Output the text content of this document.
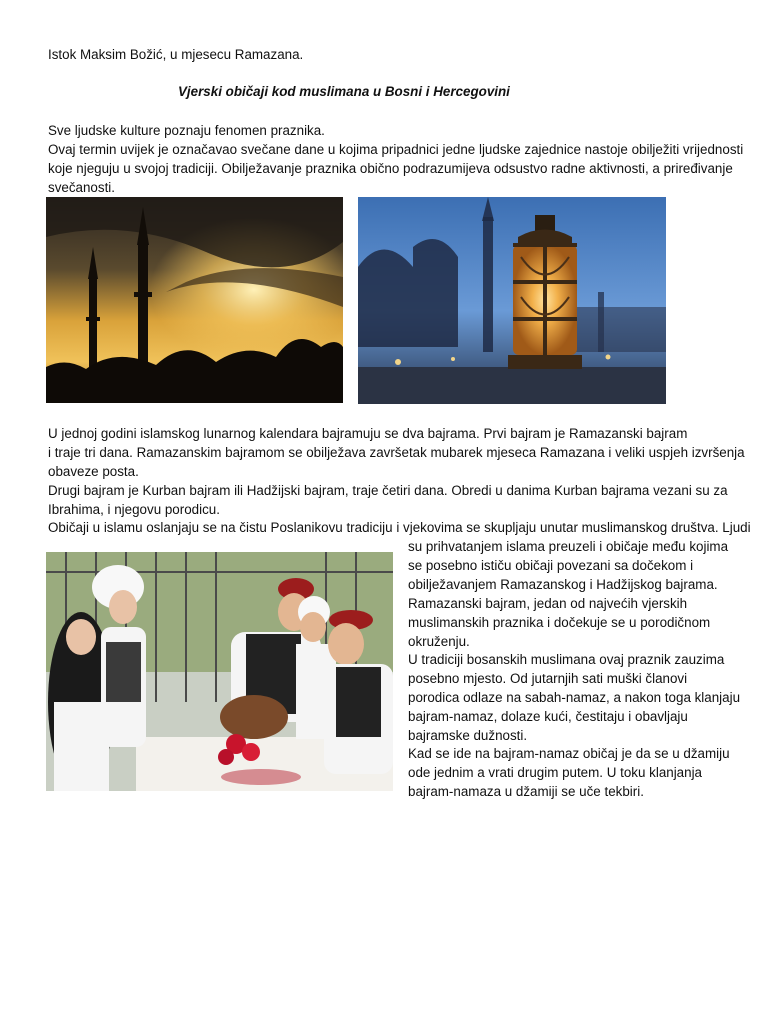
Istok Maksim Božić, u mjesecu Ramazana.
Vjerski običaji kod muslimana u Bosni i Hercegovini
Sve ljudske kulture poznaju fenomen praznika.
Ovaj termin uvijek je označavao svečane dane u kojima pripadnici jedne ljudske zajednice nastoje obilježiti vrijednosti
koje njeguju u svojoj tradiciji. Obilježavanje praznika obično podrazumijeva odsustvo radne aktivnosti, a priređivanje
svečanosti.
U jednoj godini islamskog lunarnog kalendara bajramuju se dva bajrama. Prvi bajram je Ramazanski bajram
i traje tri dana. Ramazanskim bajramom se obilježava završetak mubarek mjeseca Ramazana i veliki uspjeh izvršenja
obaveze posta.
Drugi bajram je Kurban bajram ili Hadžijski bajram, traje četiri dana. Obredi u danima Kurban bajrama vezani su za
Ibrahima, i njegovu porodicu.
Običaji u islamu oslanjaju se na čistu Poslanikovu tradiciju i vjekovima se skupljaju unutar muslimanskog društva. Ljudi
su prihvatanjem islama preuzeli i običaje među kojima
se posebno ističu običaji povezani sa dočekom i
obilježavanjem Ramazanskog i Hadžijskog bajrama.
Ramazanski bajram, jedan od najvećih vjerskih
muslimanskih praznika i dočekuje se u porodičnom
okruženju.
U tradiciji bosanskih muslimana ovaj praznik zauzima
posebno mjesto. Od jutarnjih sati muški članovi
porodica odlaze na sabah-namaz, a nakon toga klanjaju
bajram-namaz, dolaze kući, čestitaju i obavljaju
bajramske dužnosti.
Kad se ide na bajram-namaz običaj je da se u džamiju
ode jednim a vrati drugim putem. U toku klanjanja
bajram-namaza u džamiji se uče tekbiri.
